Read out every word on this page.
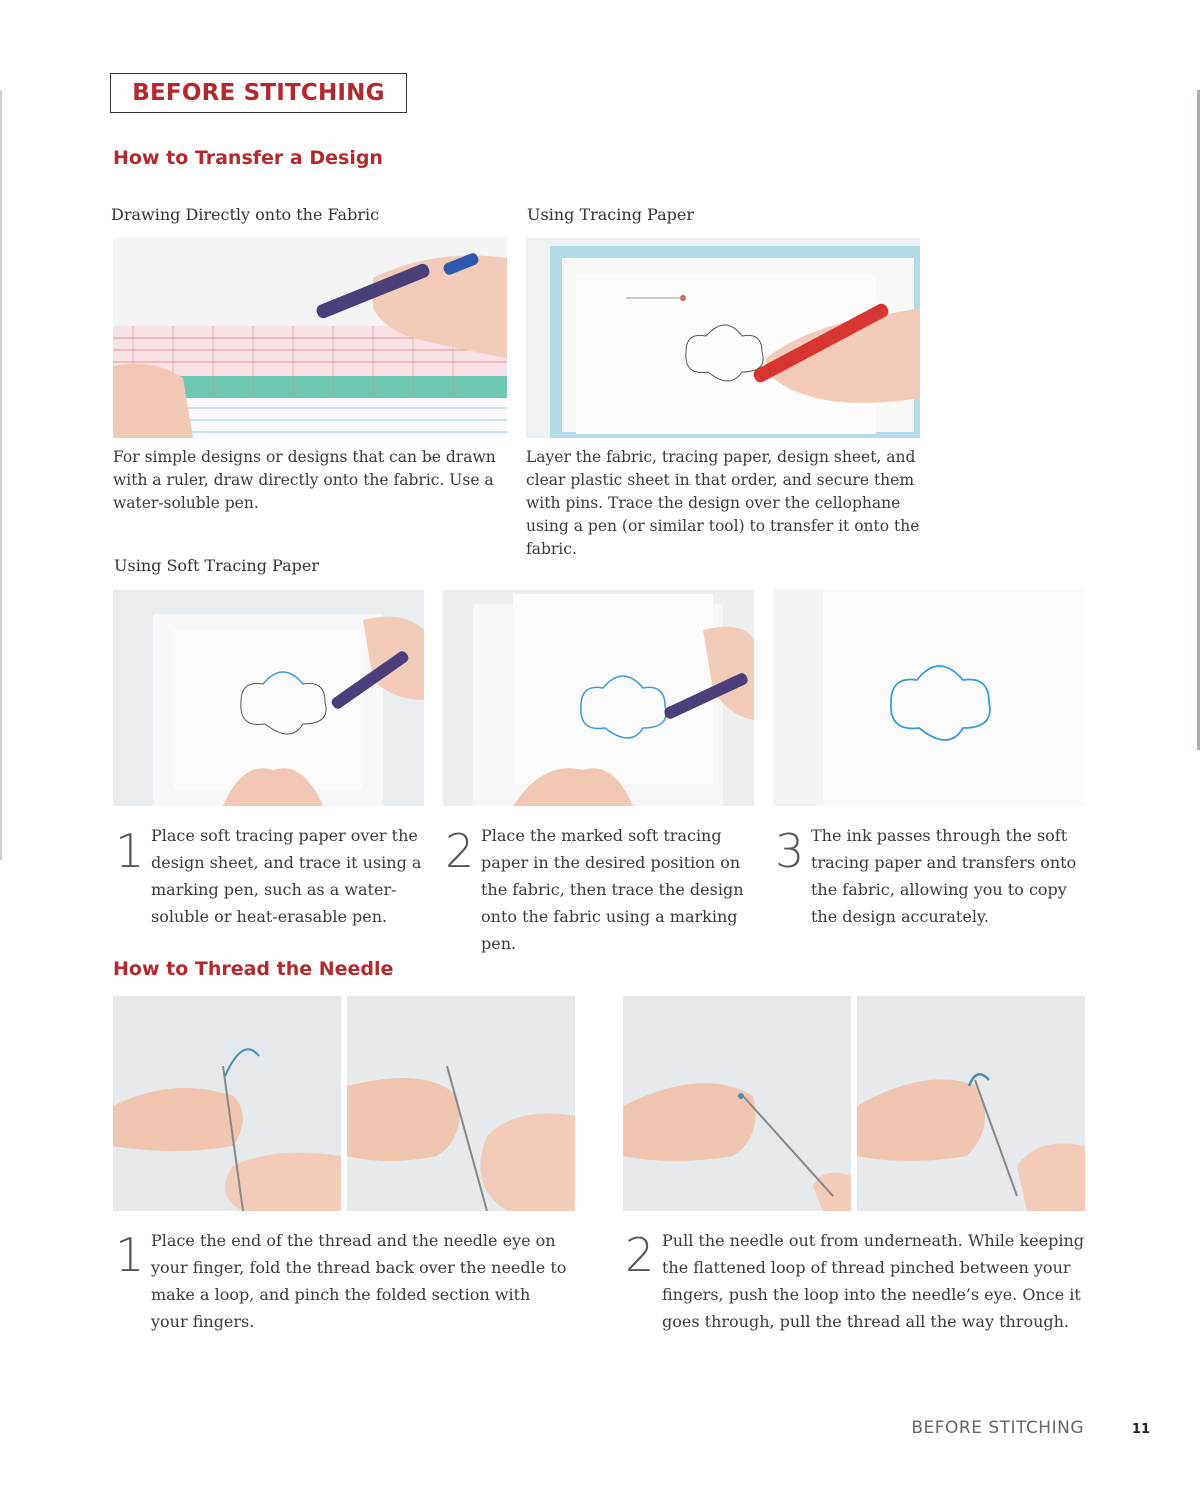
BEFORE STITCHING
How to Transfer a Design
Drawing Directly onto the Fabric	Using Tracing Paper
For simple designs or designs that can be drawn with a ruler, draw directly onto the fabric. Use a water-soluble pen.
Layer the fabric, tracing paper, design sheet, and clear plastic sheet in that order, and secure them with pins. Trace the design over the cellophane using a pen (or similar tool) to transfer it onto the fabric.
Using Soft Tracing Paper
1 Place soft tracing paper over the design sheet, and trace it using a marking pen, such as a water-soluble or heat-erasable pen.
2 Place the marked soft tracing paper in the desired position on the fabric, then trace the design onto the fabric using a marking pen.
3 The ink passes through the soft tracing paper and transfers onto the fabric, allowing you to copy the design accurately.
How to Thread the Needle
1 Place the end of the thread and the needle eye on your finger, fold the thread back over the needle to make a loop, and pinch the folded section with your fingers.
2 Pull the needle out from underneath. While keeping the flattened loop of thread pinched between your fingers, push the loop into the needle’s eye. Once it goes through, pull the thread all the way through.
BEFORE STITCHING	11
